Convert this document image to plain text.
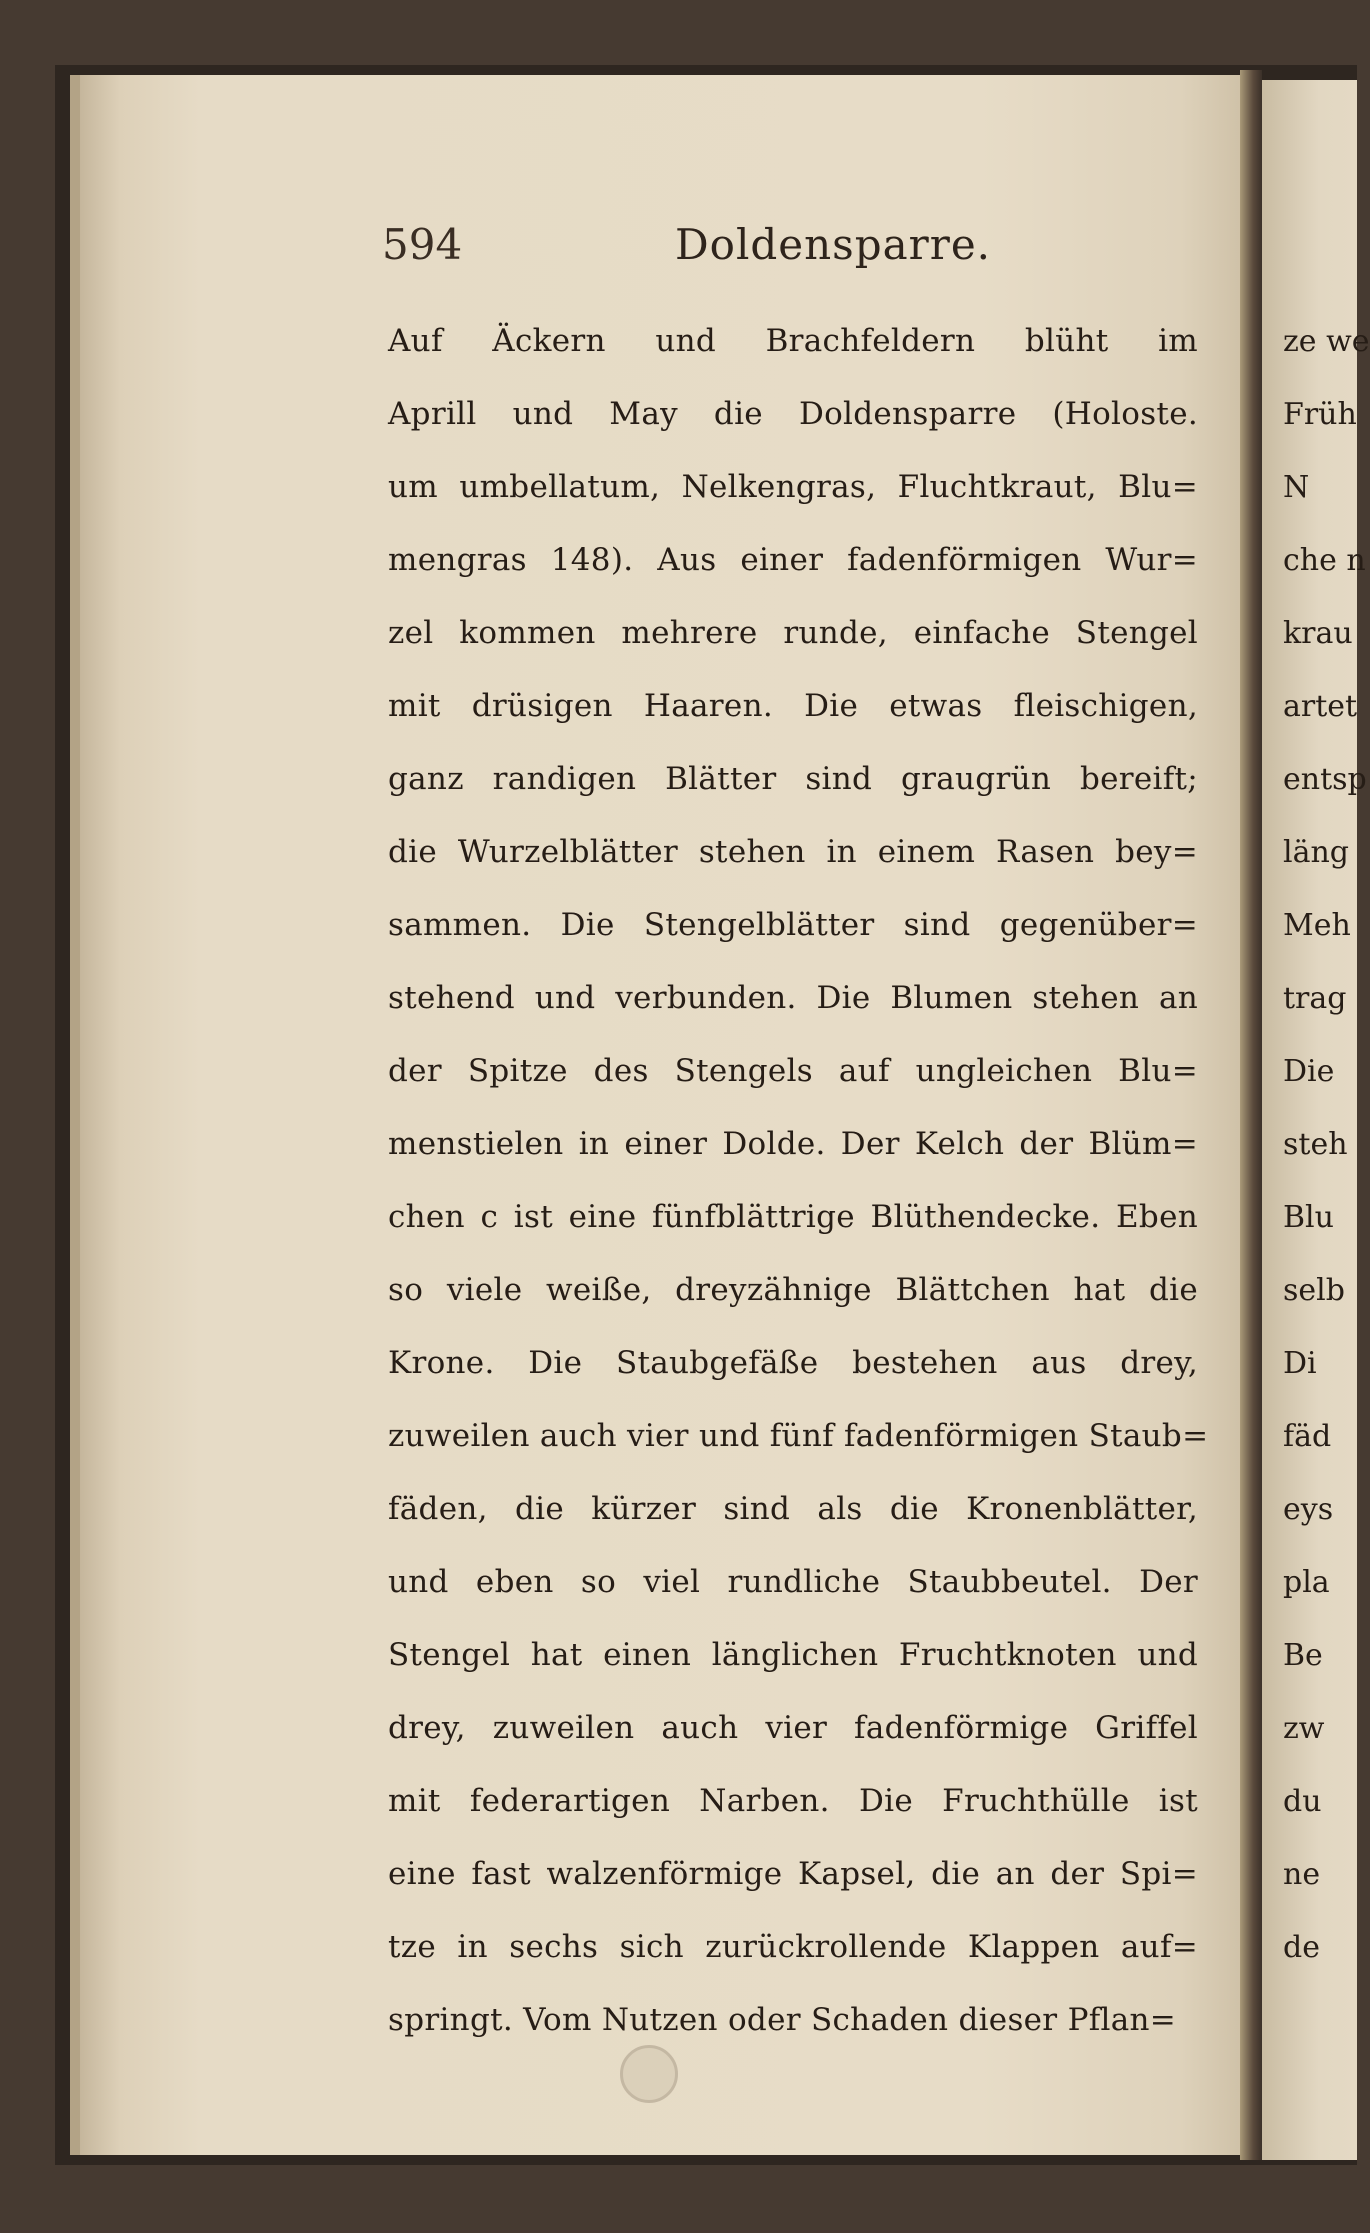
594	Doldensparre.
Auf Äckern und Brachfeldern blüht im
Aprill und May die Doldensparre (Holoste.
um umbellatum, Nelkengras, Fluchtkraut, Blu=
mengras 148). Aus einer fadenförmigen Wur=
zel kommen mehrere runde, einfache Stengel
mit drüsigen Haaren. Die etwas fleischigen,
ganz randigen Blätter sind graugrün bereift;
die Wurzelblätter stehen in einem Rasen bey=
sammen. Die Stengelblätter sind gegenüber=
stehend und verbunden. Die Blumen stehen an
der Spitze des Stengels auf ungleichen Blu=
menstielen in einer Dolde. Der Kelch der Blüm=
chen c ist eine fünfblättrige Blüthendecke. Eben
so viele weiße, dreyzähnige Blättchen hat die
Krone. Die Staubgefäße bestehen aus drey,
zuweilen auch vier und fünf fadenförmigen Staub=
fäden, die kürzer sind als die Kronenblätter,
und eben so viel rundliche Staubbeutel. Der
Stengel hat einen länglichen Fruchtknoten und
drey, zuweilen auch vier fadenförmige Griffel
mit federartigen Narben. Die Fruchthülle ist
eine fast walzenförmige Kapsel, die an der Spi=
tze in sechs sich zurückrollende Klappen auf=
springt. Vom Nutzen oder Schaden dieser Pflan=
ze we
Früh
N
che n
krau
artet
entsp
läng
Meh
trag
Die
steh
Blu
selb
Di
fäd
eys
pla
Be
zw
du
ne
de
